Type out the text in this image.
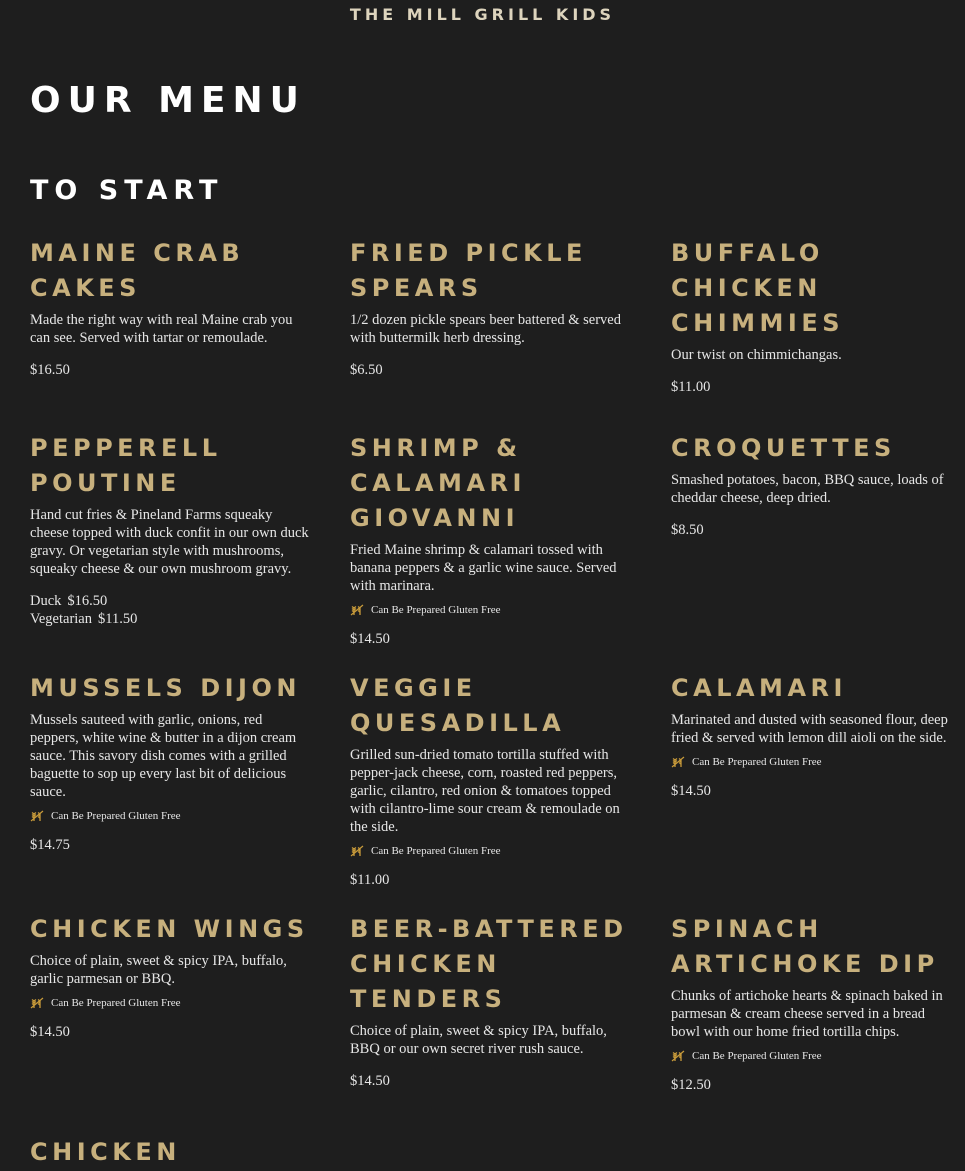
THE MILL GRILL KIDS
OUR MENU
TO START
MAINE CRAB CAKES

Made the right way with real Maine crab you can see. Served with tartar or remoulade.

$16.50
FRIED PICKLE SPEARS

1/2 dozen pickle spears beer battered & served with buttermilk herb dressing.

$6.50
BUFFALO CHICKEN CHIMMIES

Our twist on chimmichangas.

$11.00
PEPPERELL POUTINE

Hand cut fries & Pineland Farms squeaky cheese topped with duck confit in our own duck gravy. Or vegetarian style with mushrooms, squeaky cheese & our own mushroom gravy.

Duck $16.50
Vegetarian $11.50
SHRIMP & CALAMARI GIOVANNI

Fried Maine shrimp & calamari tossed with banana peppers & a garlic wine sauce. Served with marinara.

Can Be Prepared Gluten Free
$14.50
CROQUETTES

Smashed potatoes, bacon, BBQ sauce, loads of cheddar cheese, deep dried.

$8.50
MUSSELS DIJON

Mussels sauteed with garlic, onions, red peppers, white wine & butter in a dijon cream sauce. This savory dish comes with a grilled baguette to sop up every last bit of delicious sauce.

Can Be Prepared Gluten Free
$14.75
VEGGIE QUESADILLA

Grilled sun-dried tomato tortilla stuffed with pepper-jack cheese, corn, roasted red peppers, garlic, cilantro, red onion & tomatoes topped with cilantro-lime sour cream & remoulade on the side.

Can Be Prepared Gluten Free
$11.00
CALAMARI

Marinated and dusted with seasoned flour, deep fried & served with lemon dill aioli on the side.

Can Be Prepared Gluten Free
$14.50
CHICKEN WINGS

Choice of plain, sweet & spicy IPA, buffalo, garlic parmesan or BBQ.

Can Be Prepared Gluten Free
$14.50
BEER-BATTERED CHICKEN TENDERS

Choice of plain, sweet & spicy IPA, buffalo, BBQ or our own secret river rush sauce.

$14.50
SPINACH ARTICHOKE DIP

Chunks of artichoke hearts & spinach baked in parmesan & cream cheese served in a bread bowl with our home fried tortilla chips.

Can Be Prepared Gluten Free
$12.50
CHICKEN
